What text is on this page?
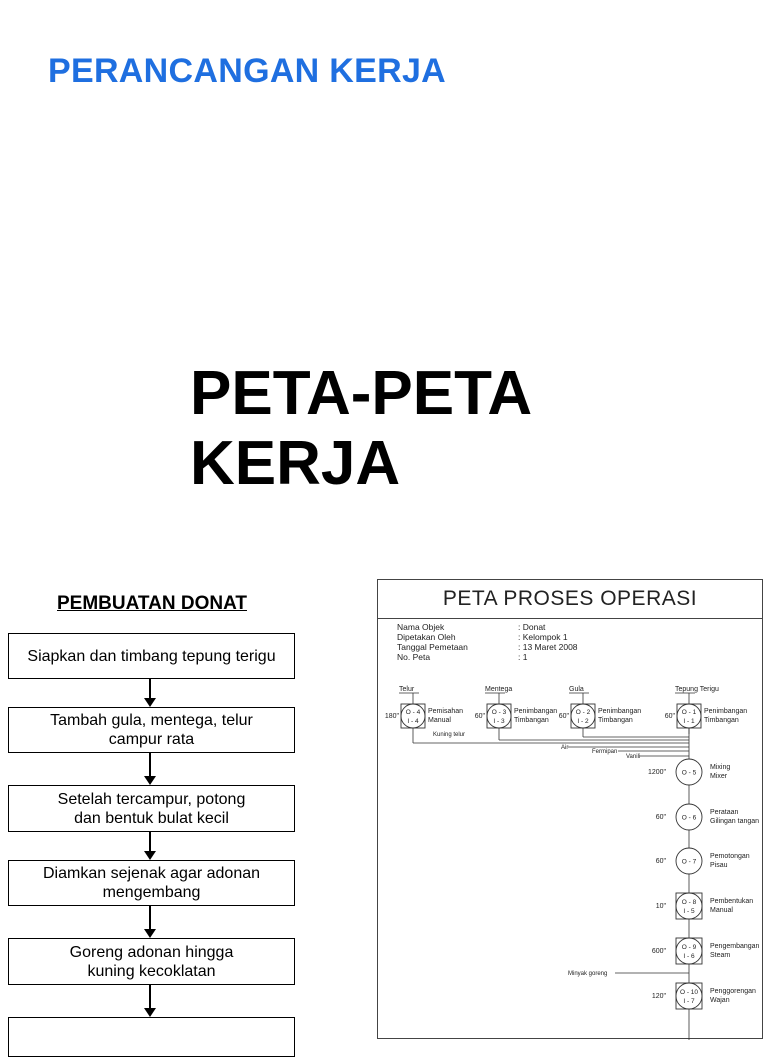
PERANCANGAN KERJA
PETA-PETA
KERJA
PEMBUATAN DONAT
Siapkan dan timbang tepung terigu
Tambah gula, mentega, telur
campur rata
Setelah tercampur, potong
dan bentuk bulat kecil
Diamkan sejenak agar adonan
mengembang
Goreng adonan hingga
kuning kecoklatan
PETA PROSES OPERASI
Nama Objek	: Donat
Dipetakan Oleh	: Kelompok 1
Tanggal Pemetaan	: 13 Maret 2008
No. Peta	: 1
Telur
O - 4
I - 4
180"
Pemisahan
Manual
Mentega
O - 3
I - 3
60"
Penimbangan
Timbangan
Gula
O - 2
I - 2
60"
Penimbangan
Timbangan
Tepung Terigu
O - 1
I - 1
60"
Penimbangan
Timbangan
Kuning telur
Air
Fermipan
Vanili
O - 5
1200"
Mixing
Mixer
O - 6
60"
Perataan
Gilingan tangan
O - 7
60"
Pemotongan
Pisau
O - 8
I - 5
10"
Pembentukan
Manual
O - 9
I - 6
600"
Pengembangan
Steam
O - 10
I - 7
120"
Penggorengan
Wajan
Minyak goreng
